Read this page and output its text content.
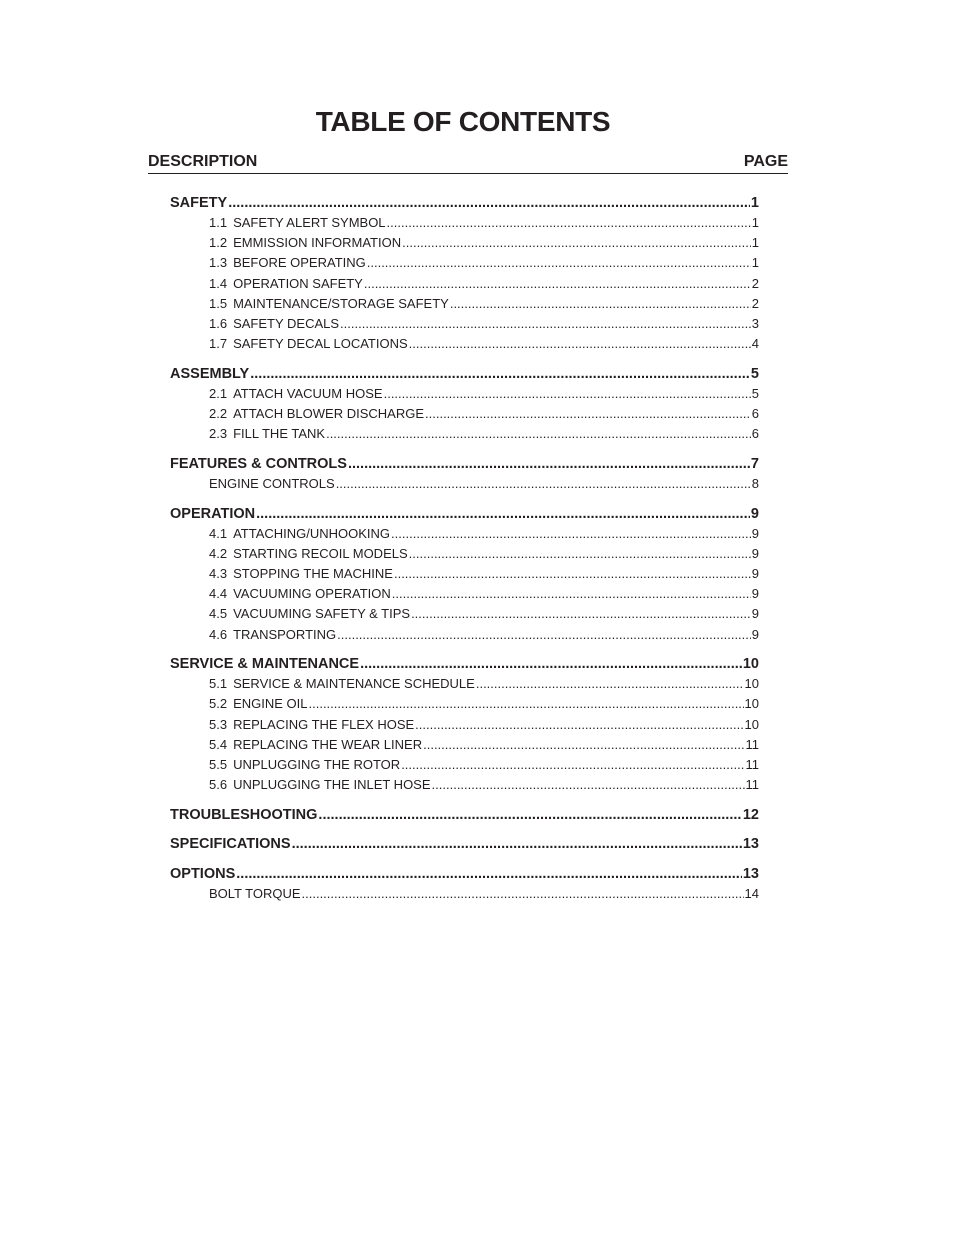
TABLE OF CONTENTS
DESCRIPTION	PAGE
SAFETY .....	1
1.1 SAFETY ALERT SYMBOL .....	1
1.2 EMMISSION INFORMATION .....	1
1.3 BEFORE OPERATING .....	1
1.4 OPERATION SAFETY .....	2
1.5 MAINTENANCE/STORAGE SAFETY .....	2
1.6 SAFETY DECALS .....	3
1.7 SAFETY DECAL LOCATIONS .....	4
ASSEMBLY .....	5
2.1 ATTACH VACUUM HOSE .....	5
2.2 ATTACH BLOWER DISCHARGE .....	6
2.3 FILL THE TANK .....	6
FEATURES & CONTROLS .....	7
ENGINE CONTROLS .....	8
OPERATION .....	9
4.1 ATTACHING/UNHOOKING .....	9
4.2 STARTING RECOIL MODELS .....	9
4.3 STOPPING THE MACHINE .....	9
4.4 VACUUMING OPERATION .....	9
4.5 VACUUMING SAFETY & TIPS .....	9
4.6 TRANSPORTING .....	9
SERVICE & MAINTENANCE .....	10
5.1 SERVICE & MAINTENANCE SCHEDULE .....	10
5.2 ENGINE OIL .....	10
5.3 REPLACING THE FLEX HOSE .....	10
5.4 REPLACING THE WEAR LINER .....	11
5.5 UNPLUGGING THE ROTOR .....	11
5.6 UNPLUGGING THE INLET HOSE .....	11
TROUBLESHOOTING .....	12
SPECIFICATIONS .....	13
OPTIONS .....	13
BOLT TORQUE .....	14
